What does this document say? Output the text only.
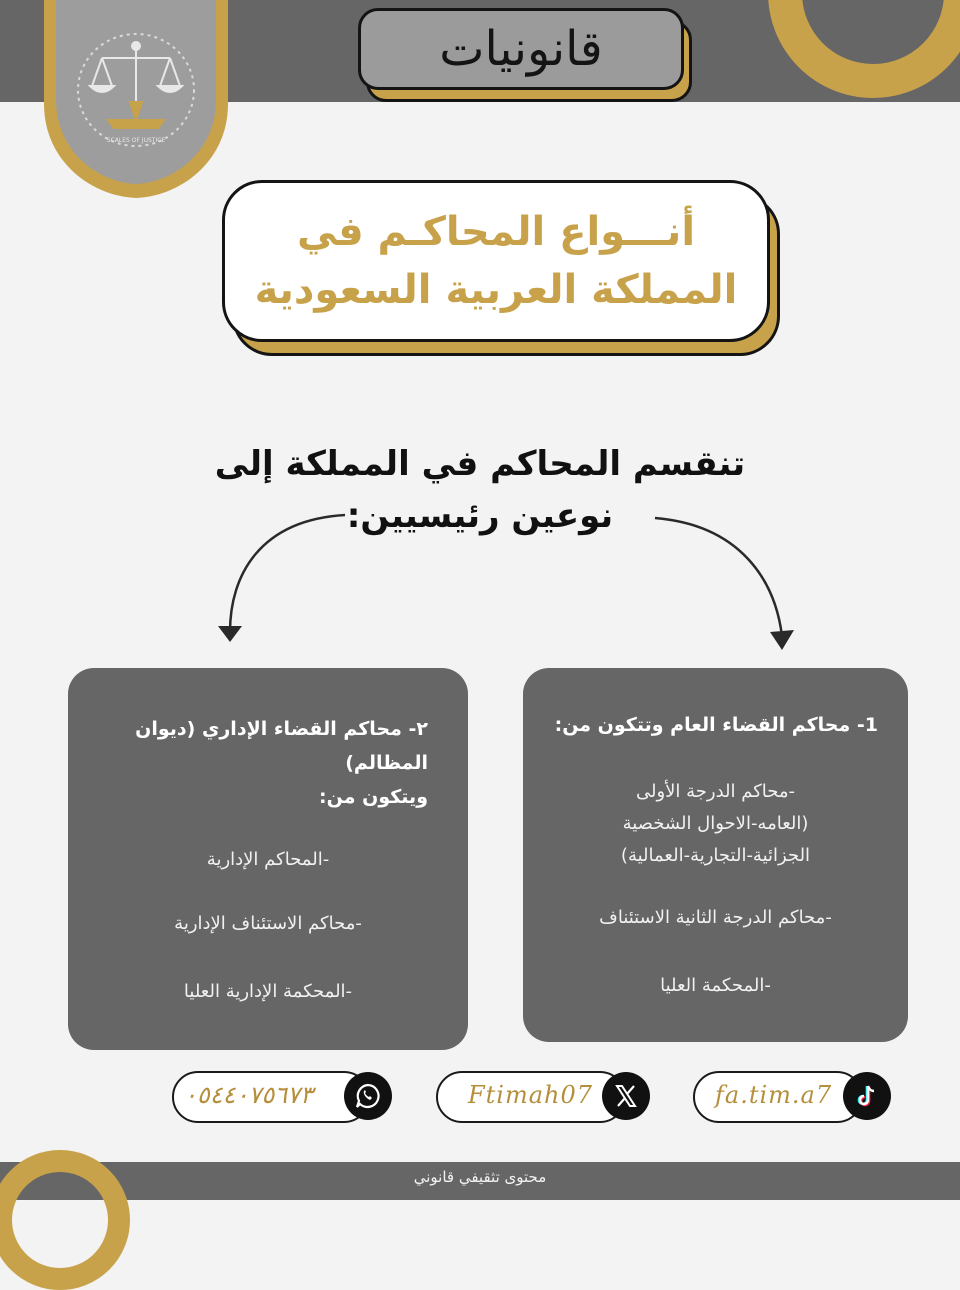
SCALES OF JUSTICE
قانونيات
أنـــواع المحاكـم في
المملكة العربية السعودية
تنقسم المحاكم في المملكة إلى
نوعين رئيسيين:
1- محاكم القضاء العام وتتكون من:
-محاكم الدرجة الأولى
(العامه-الاحوال الشخصية
الجزائية-التجارية-العمالية)
-محاكم الدرجة الثانية الاستئناف
-المحكمة العليا
٢- محاكم القضاء الإداري (ديوان
المظالم)
ويتكون من:
-المحاكم الإدارية
-محاكم الاستئناف الإدارية
-المحكمة الإدارية العليا
٠٥٤٤٠٧٥٦٧٣	Ftimah07	fa.tim.a7
محتوى تثقيفي قانوني
